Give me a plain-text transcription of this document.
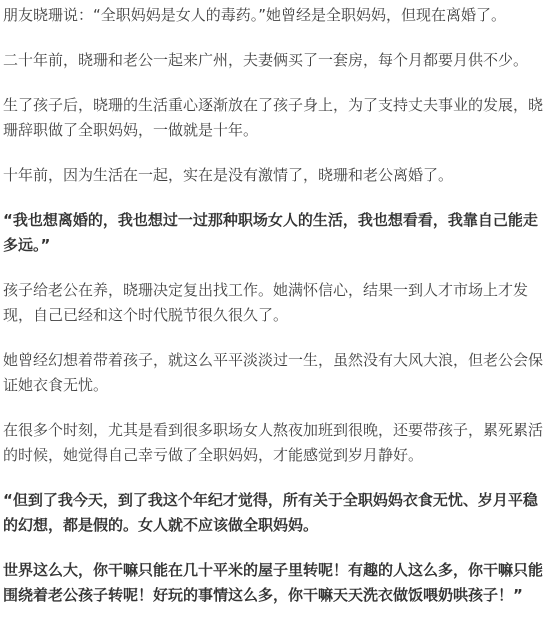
朋友晓珊说：“全职妈妈是女人的毒药。”她曾经是全职妈妈，但现在离婚了。

二十年前，晓珊和老公一起来广州，夫妻俩买了一套房，每个月都要月供不少。

生了孩子后，晓珊的生活重心逐渐放在了孩子身上，为了支持丈夫事业的发展，晓珊辞职做了全职妈妈，一做就是十年。

十年前，因为生活在一起，实在是没有激情了，晓珊和老公离婚了。

“我也想离婚的，我也想过一过那种职场女人的生活，我也想看看，我靠自己能走多远。”

孩子给老公在养，晓珊决定复出找工作。她满怀信心，结果一到人才市场上才发现，自己已经和这个时代脱节很久很久了。

她曾经幻想着带着孩子，就这么平平淡淡过一生，虽然没有大风大浪，但老公会保证她衣食无忧。

在很多个时刻，尤其是看到很多职场女人熬夜加班到很晚，还要带孩子，累死累活的时候，她觉得自己幸亏做了全职妈妈，才能感觉到岁月静好。

“但到了我今天，到了我这个年纪才觉得，所有关于全职妈妈衣食无忧、岁月平稳的幻想，都是假的。女人就不应该做全职妈妈。

世界这么大，你干嘛只能在几十平米的屋子里转呢！有趣的人这么多，你干嘛只能围绕着老公孩子转呢！好玩的事情这么多，你干嘛天天洗衣做饭喂奶哄孩子！”
